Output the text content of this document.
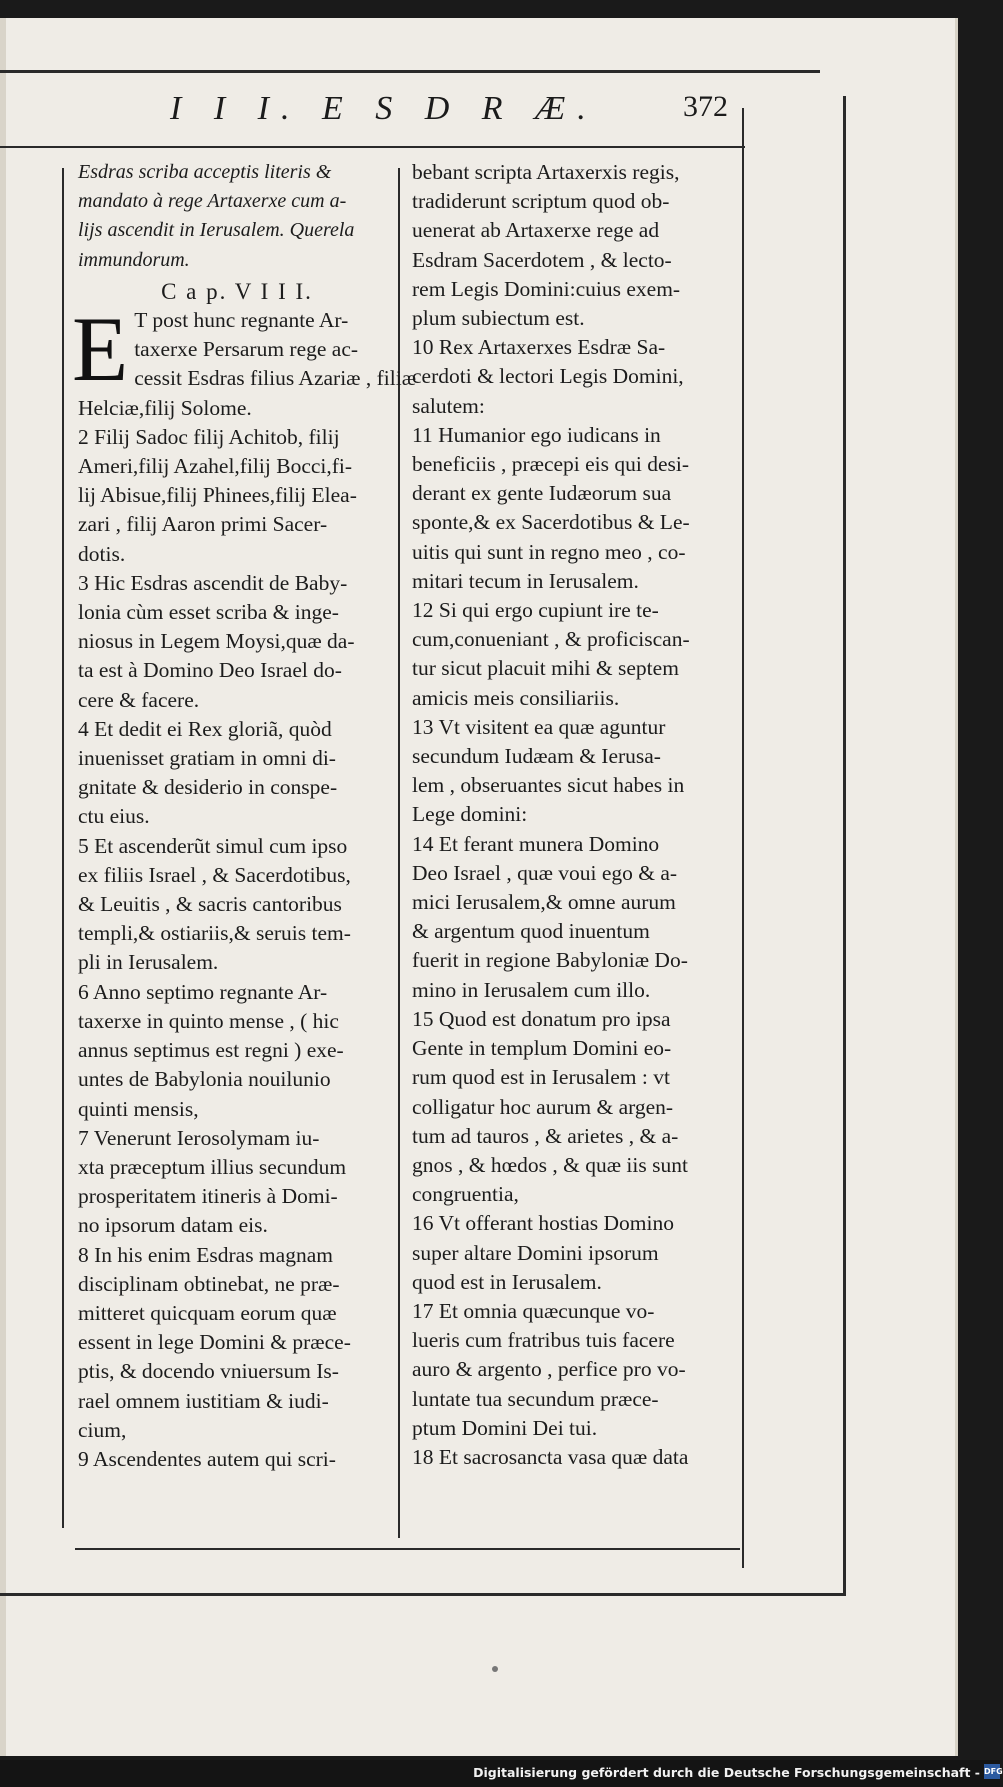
I I I. E S D R Æ.	372
Esdras scriba acceptis literis &
mandato à rege Artaxerxe cum a-
lijs ascendit in Ierusalem. Querela
immundorum.
C a p. V I I I.
E T post hunc regnante Ar-
taxerxe Persarum rege ac-
cessit Esdras filius Azariæ , filiæ
Helciæ,filij Solome.
2 Filij Sadoc filij Achitob, filij
Ameri,filij Azahel,filij Bocci,fi-
lij Abisue,filij Phinees,filij Elea-
zari , filij Aaron primi Sacer-
dotis.
3 Hic Esdras ascendit de Baby-
lonia cùm esset scriba & inge-
niosus in Legem Moysi,quæ da-
ta est à Domino Deo Israel do-
cere & facere.
4 Et dedit ei Rex gloriã, quòd
inuenisset gratiam in omni di-
gnitate & desiderio in conspe-
ctu eius.
5 Et ascenderũt simul cum ipso
ex filiis Israel , & Sacerdotibus,
& Leuitis , & sacris cantoribus
templi,& ostiariis,& seruis tem-
pli in Ierusalem.
6 Anno septimo regnante Ar-
taxerxe in quinto mense , ( hic
annus septimus est regni ) exe-
untes de Babylonia nouilunio
quinti mensis,
7 Venerunt Ierosolymam iu-
xta præceptum illius secundum
prosperitatem itineris à Domi-
no ipsorum datam eis.
8 In his enim Esdras magnam
disciplinam obtinebat, ne præ-
mitteret quicquam eorum quæ
essent in lege Domini & præce-
ptis, & docendo vniuersum Is-
rael omnem iustitiam & iudi-
cium,
9 Ascendentes autem qui scri-
bebant scripta Artaxerxis regis,
tradiderunt scriptum quod ob-
uenerat ab Artaxerxe rege ad
Esdram Sacerdotem , & lecto-
rem Legis Domini:cuius exem-
plum subiectum est.
10 Rex Artaxerxes Esdræ Sa-
cerdoti & lectori Legis Domini,
salutem:
11 Humanior ego iudicans in
beneficiis , præcepi eis qui desi-
derant ex gente Iudæorum sua
sponte,& ex Sacerdotibus & Le-
uitis qui sunt in regno meo , co-
mitari tecum in Ierusalem.
12 Si qui ergo cupiunt ire te-
cum,conueniant , & proficiscan-
tur sicut placuit mihi & septem
amicis meis consiliariis.
13 Vt visitent ea quæ aguntur
secundum Iudæam & Ierusa-
lem , obseruantes sicut habes in
Lege domini:
14 Et ferant munera Domino
Deo Israel , quæ voui ego & a-
mici Ierusalem,& omne aurum
& argentum quod inuentum
fuerit in regione Babyloniæ Do-
mino in Ierusalem cum illo.
15 Quod est donatum pro ipsa
Gente in templum Domini eo-
rum quod est in Ierusalem : vt
colligatur hoc aurum & argen-
tum ad tauros , & arietes , & a-
gnos , & hœdos , & quæ iis sunt
congruentia,
16 Vt offerant hostias Domino
super altare Domini ipsorum
quod est in Ierusalem.
17 Et omnia quæcunque vo-
lueris cum fratribus tuis facere
auro & argento , perfice pro vo-
luntate tua secundum præce-
ptum Domini Dei tui.
18 Et sacrosancta vasa quæ data
Digitalisierung gefördert durch die Deutsche Forschungsgemeinschaft - DFG
